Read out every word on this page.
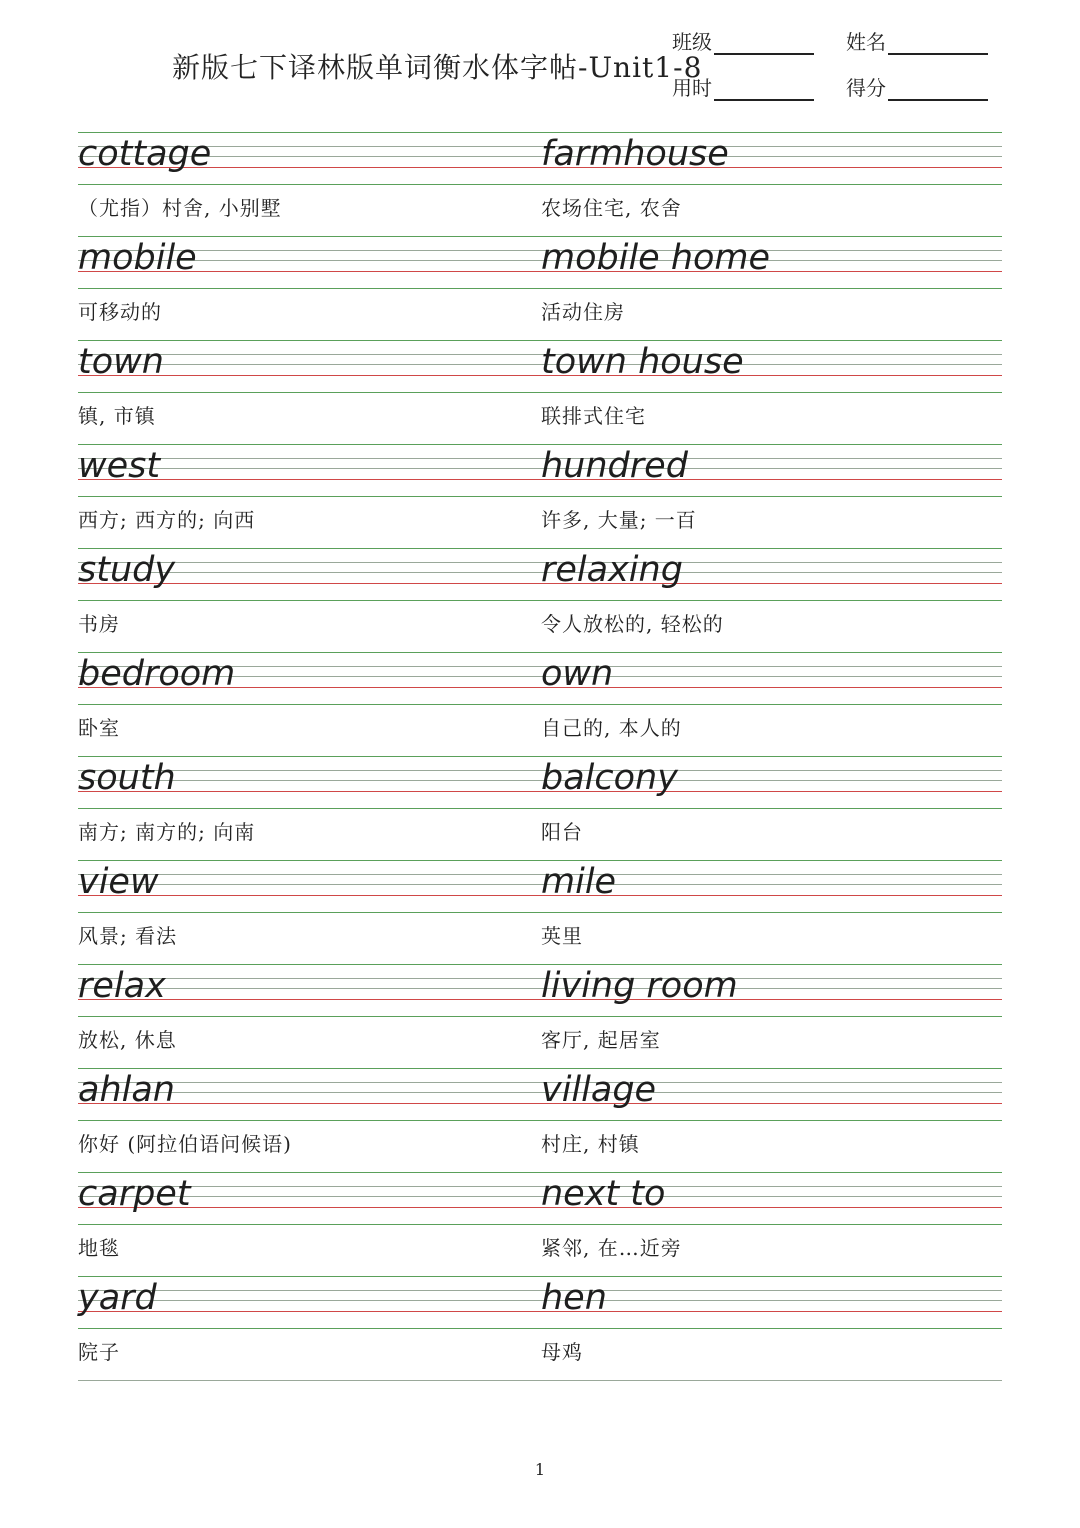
新版七下译林版单词衡水体字帖-Unit1-8
班级	姓名
用时	得分
cottage
（尤指）村舍, 小别墅
farmhouse
农场住宅, 农舍
mobile
可移动的
mobile home
活动住房
town
镇, 市镇
town house
联排式住宅
west
西方; 西方的; 向西
hundred
许多, 大量; 一百
study
书房
relaxing
令人放松的, 轻松的
bedroom
卧室
own
自己的, 本人的
south
南方; 南方的; 向南
balcony
阳台
view
风景; 看法
mile
英里
relax
放松, 休息
living room
客厅, 起居室
ahlan
你好 (阿拉伯语问候语)
village
村庄, 村镇
carpet
地毯
next to
紧邻, 在…近旁
yard
院子
hen
母鸡
1
